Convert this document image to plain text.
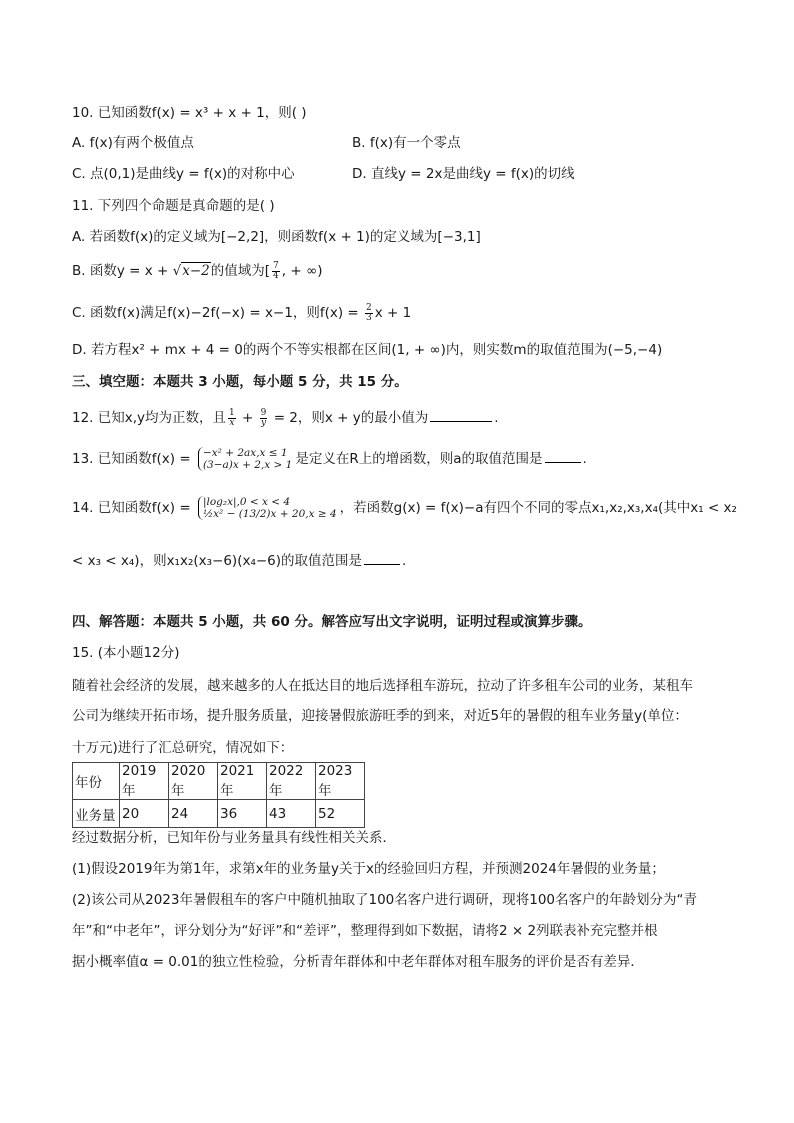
10. 已知函数f(x) = x³ + x + 1，则( )
A. f(x)有两个极值点	B. f(x)有一个零点
C. 点(0,1)是曲线y = f(x)的对称中心	D. 直线y = 2x是曲线y = f(x)的切线
11. 下列四个命题是真命题的是( )
A. 若函数f(x)的定义域为[−2,2]，则函数f(x + 1)的定义域为[−3,1]
B. 函数y = x + √x−2的值域为[ $\frac{7}{4}$ , + ∞)
C. 函数f(x)满足f(x)−2f(−x) = x−1，则$f(x) = \frac{2}{3}$ x + 1
D. 若方程x² + mx + 4 = 0的两个不等实根都在区间(1, + ∞)内，则实数m的取值范围为(−5,−4)
三、填空题：本题共 3 小题，每小题 5 分，共 15 分。
12. 已知x,y均为正数，且 $\frac{1}{x} + \frac{9}{y} = 2$，则x + y的最小值为	.
13. 已知函数f(x) = −x² + 2ax,x ≤ 1
(3−a)x + 2,x > 1 是定义在R上的增函数，则a的取值范围是	.
14. 已知函数f(x) = |log₂x|,0 < x < 4
½x² − (13/2)x + 20,x ≥ 4 ，若函数g(x) = f(x)−a有四个不同的零点x₁,x₂,x₃,x₄(其中x₁ < x₂
< x₃ < x₄)，则x₁x₂(x₃−6)(x₄−6)的取值范围是	.
四、解答题：本题共 5 小题，共 60 分。解答应写出文字说明，证明过程或演算步骤。
15. (本小题12分)
随着社会经济的发展，越来越多的人在抵达目的地后选择租车游玩，拉动了许多租车公司的业务，某租车
公司为继续开拓市场，提升服务质量，迎接暑假旅游旺季的到来，对近5年的暑假的租车业务量y(单位：
十万元)进行了汇总研究，情况如下：
年份	2019年	2020年	2021年	2022年	2023年
业务量	20	24	36	43	52
经过数据分析，已知年份与业务量具有线性相关关系．
(1)假设2019年为第1年，求第x年的业务量y关于x的经验回归方程，并预测2024年暑假的业务量；
(2)该公司从2023年暑假租车的客户中随机抽取了100名客户进行调研，现将100名客户的年龄划分为“青
年”和“中老年”，评分划分为“好评”和“差评”，整理得到如下数据，请将2 × 2列联表补充完整并根
据小概率值α = 0.01的独立性检验，分析青年群体和中老年群体对租车服务的评价是否有差异．
